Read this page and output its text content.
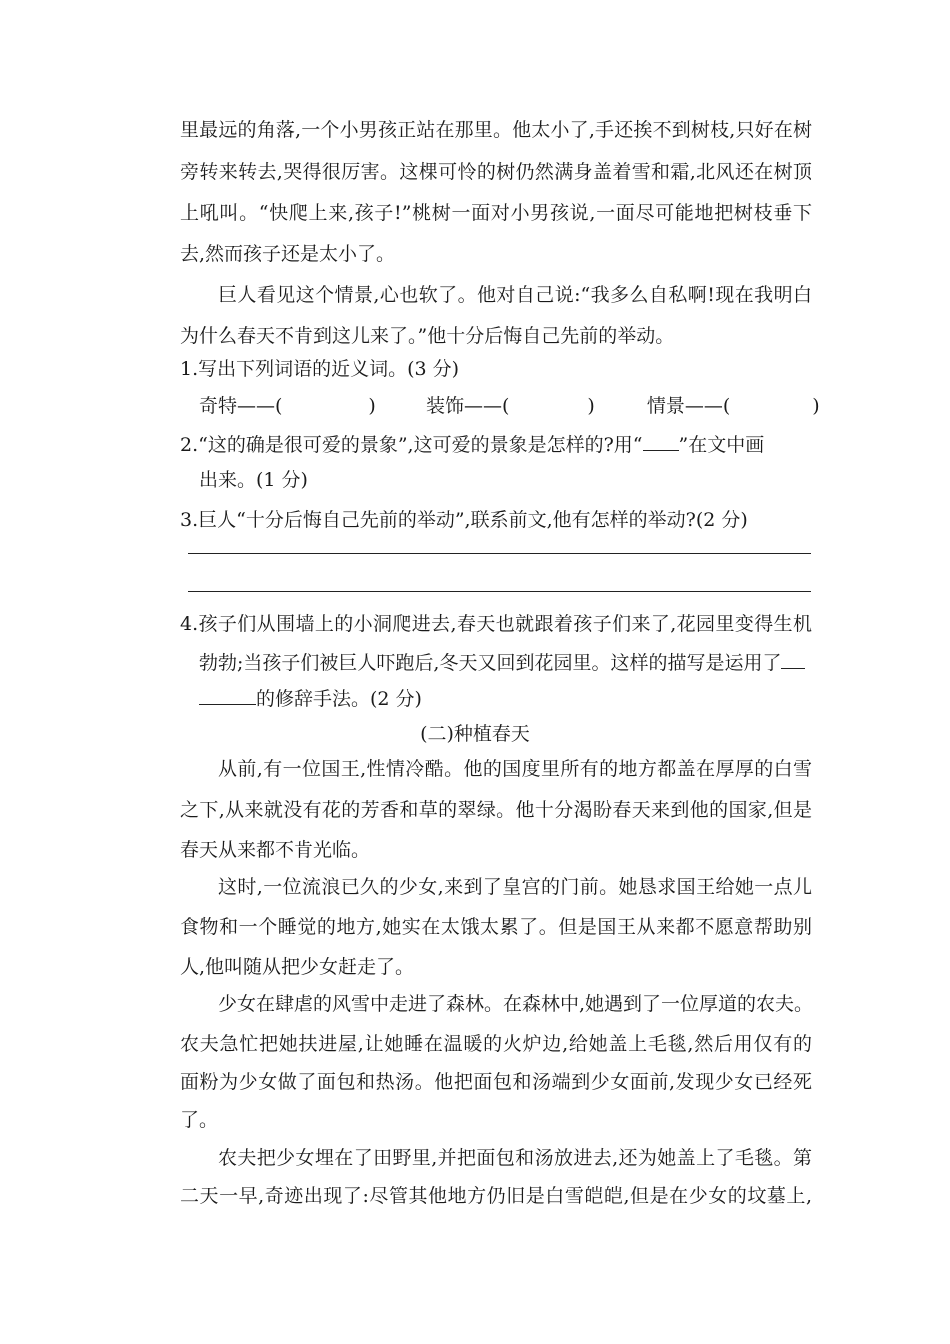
里最远的角落,一个小男孩正站在那里。他太小了,手还挨不到树枝,只好在树
旁转来转去,哭得很厉害。这棵可怜的树仍然满身盖着雪和霜,北风还在树顶
上吼叫。“快爬上来,孩子!”桃树一面对小男孩说,一面尽可能地把树枝垂下
去,然而孩子还是太小了。
巨人看见这个情景,心也软了。他对自己说:“我多么自私啊!现在我明白
为什么春天不肯到这儿来了。”他十分后悔自己先前的举动。
1.写出下列词语的近义词。(3 分)
奇特——(	)	装饰——(	)	情景——(	)
2.“这的确是很可爱的景象”,这可爱的景象是怎样的?用“ ”在文中画
出来。(1 分)
3.巨人“十分后悔自己先前的举动”,联系前文,他有怎样的举动?(2 分)
4.孩子们从围墙上的小洞爬进去,春天也就跟着孩子们来了,花园里变得生机
勃勃;当孩子们被巨人吓跑后,冬天又回到花园里。这样的描写是运用了
的修辞手法。(2 分)
(二)种植春天
从前,有一位国王,性情冷酷。他的国度里所有的地方都盖在厚厚的白雪
之下,从来就没有花的芳香和草的翠绿。他十分渴盼春天来到他的国家,但是
春天从来都不肯光临。
这时,一位流浪已久的少女,来到了皇宫的门前。她恳求国王给她一点儿
食物和一个睡觉的地方,她实在太饿太累了。但是国王从来都不愿意帮助别
人,他叫随从把少女赶走了。
少女在肆虐的风雪中走进了森林。在森林中,她遇到了一位厚道的农夫。
农夫急忙把她扶进屋,让她睡在温暖的火炉边,给她盖上毛毯,然后用仅有的
面粉为少女做了面包和热汤。他把面包和汤端到少女面前,发现少女已经死
了。
农夫把少女埋在了田野里,并把面包和汤放进去,还为她盖上了毛毯。第
二天一早,奇迹出现了:尽管其他地方仍旧是白雪皑皑,但是在少女的坟墓上,
